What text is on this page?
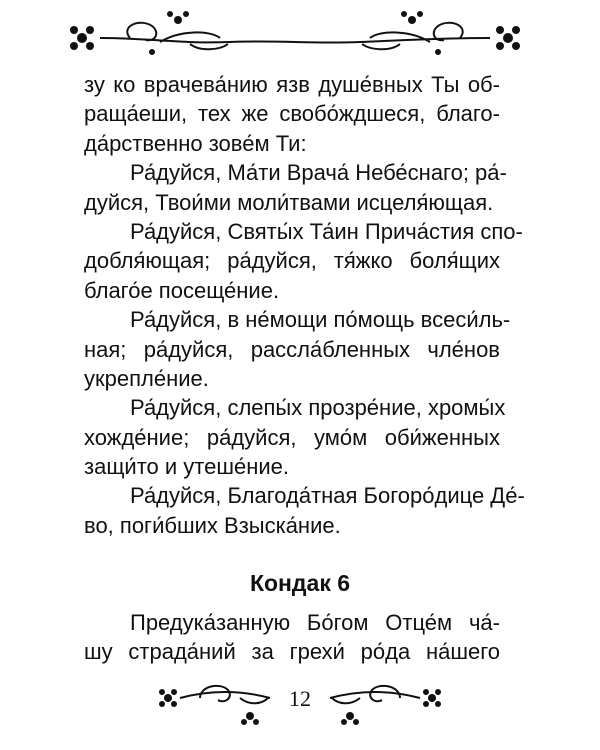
зу ко врачева́нию язв душе́вных Ты об-
раща́еши, тех же свобо́ждшеся, благо-
да́рственно зове́м Ти:
Ра́дуйся, Ма́ти Врача́ Небе́снаго; ра́-
дуйся, Твои́ми моли́твами исцеля́ющая.
Ра́дуйся, Святы́х Та́ин Прича́стия спо-
добля́ющая; ра́дуйся, тя́жко боля́щих
благо́е посеще́ние.
Ра́дуйся, в не́мощи по́мощь всеси́ль-
ная; ра́дуйся, рассла́бленных чле́нов
укрепле́ние.
Ра́дуйся, слепы́х прозре́ние, хромы́х
хожде́ние; ра́дуйся, умо́м оби́женных
защи́то и утеше́ние.
Ра́дуйся, Благода́тная Богоро́дице Де́-
во, поги́бших Взыска́ние.
Кондак 6
Предука́занную Бо́гом Отце́м ча́-
шу страда́ний за грехи́ ро́да на́шего
12
